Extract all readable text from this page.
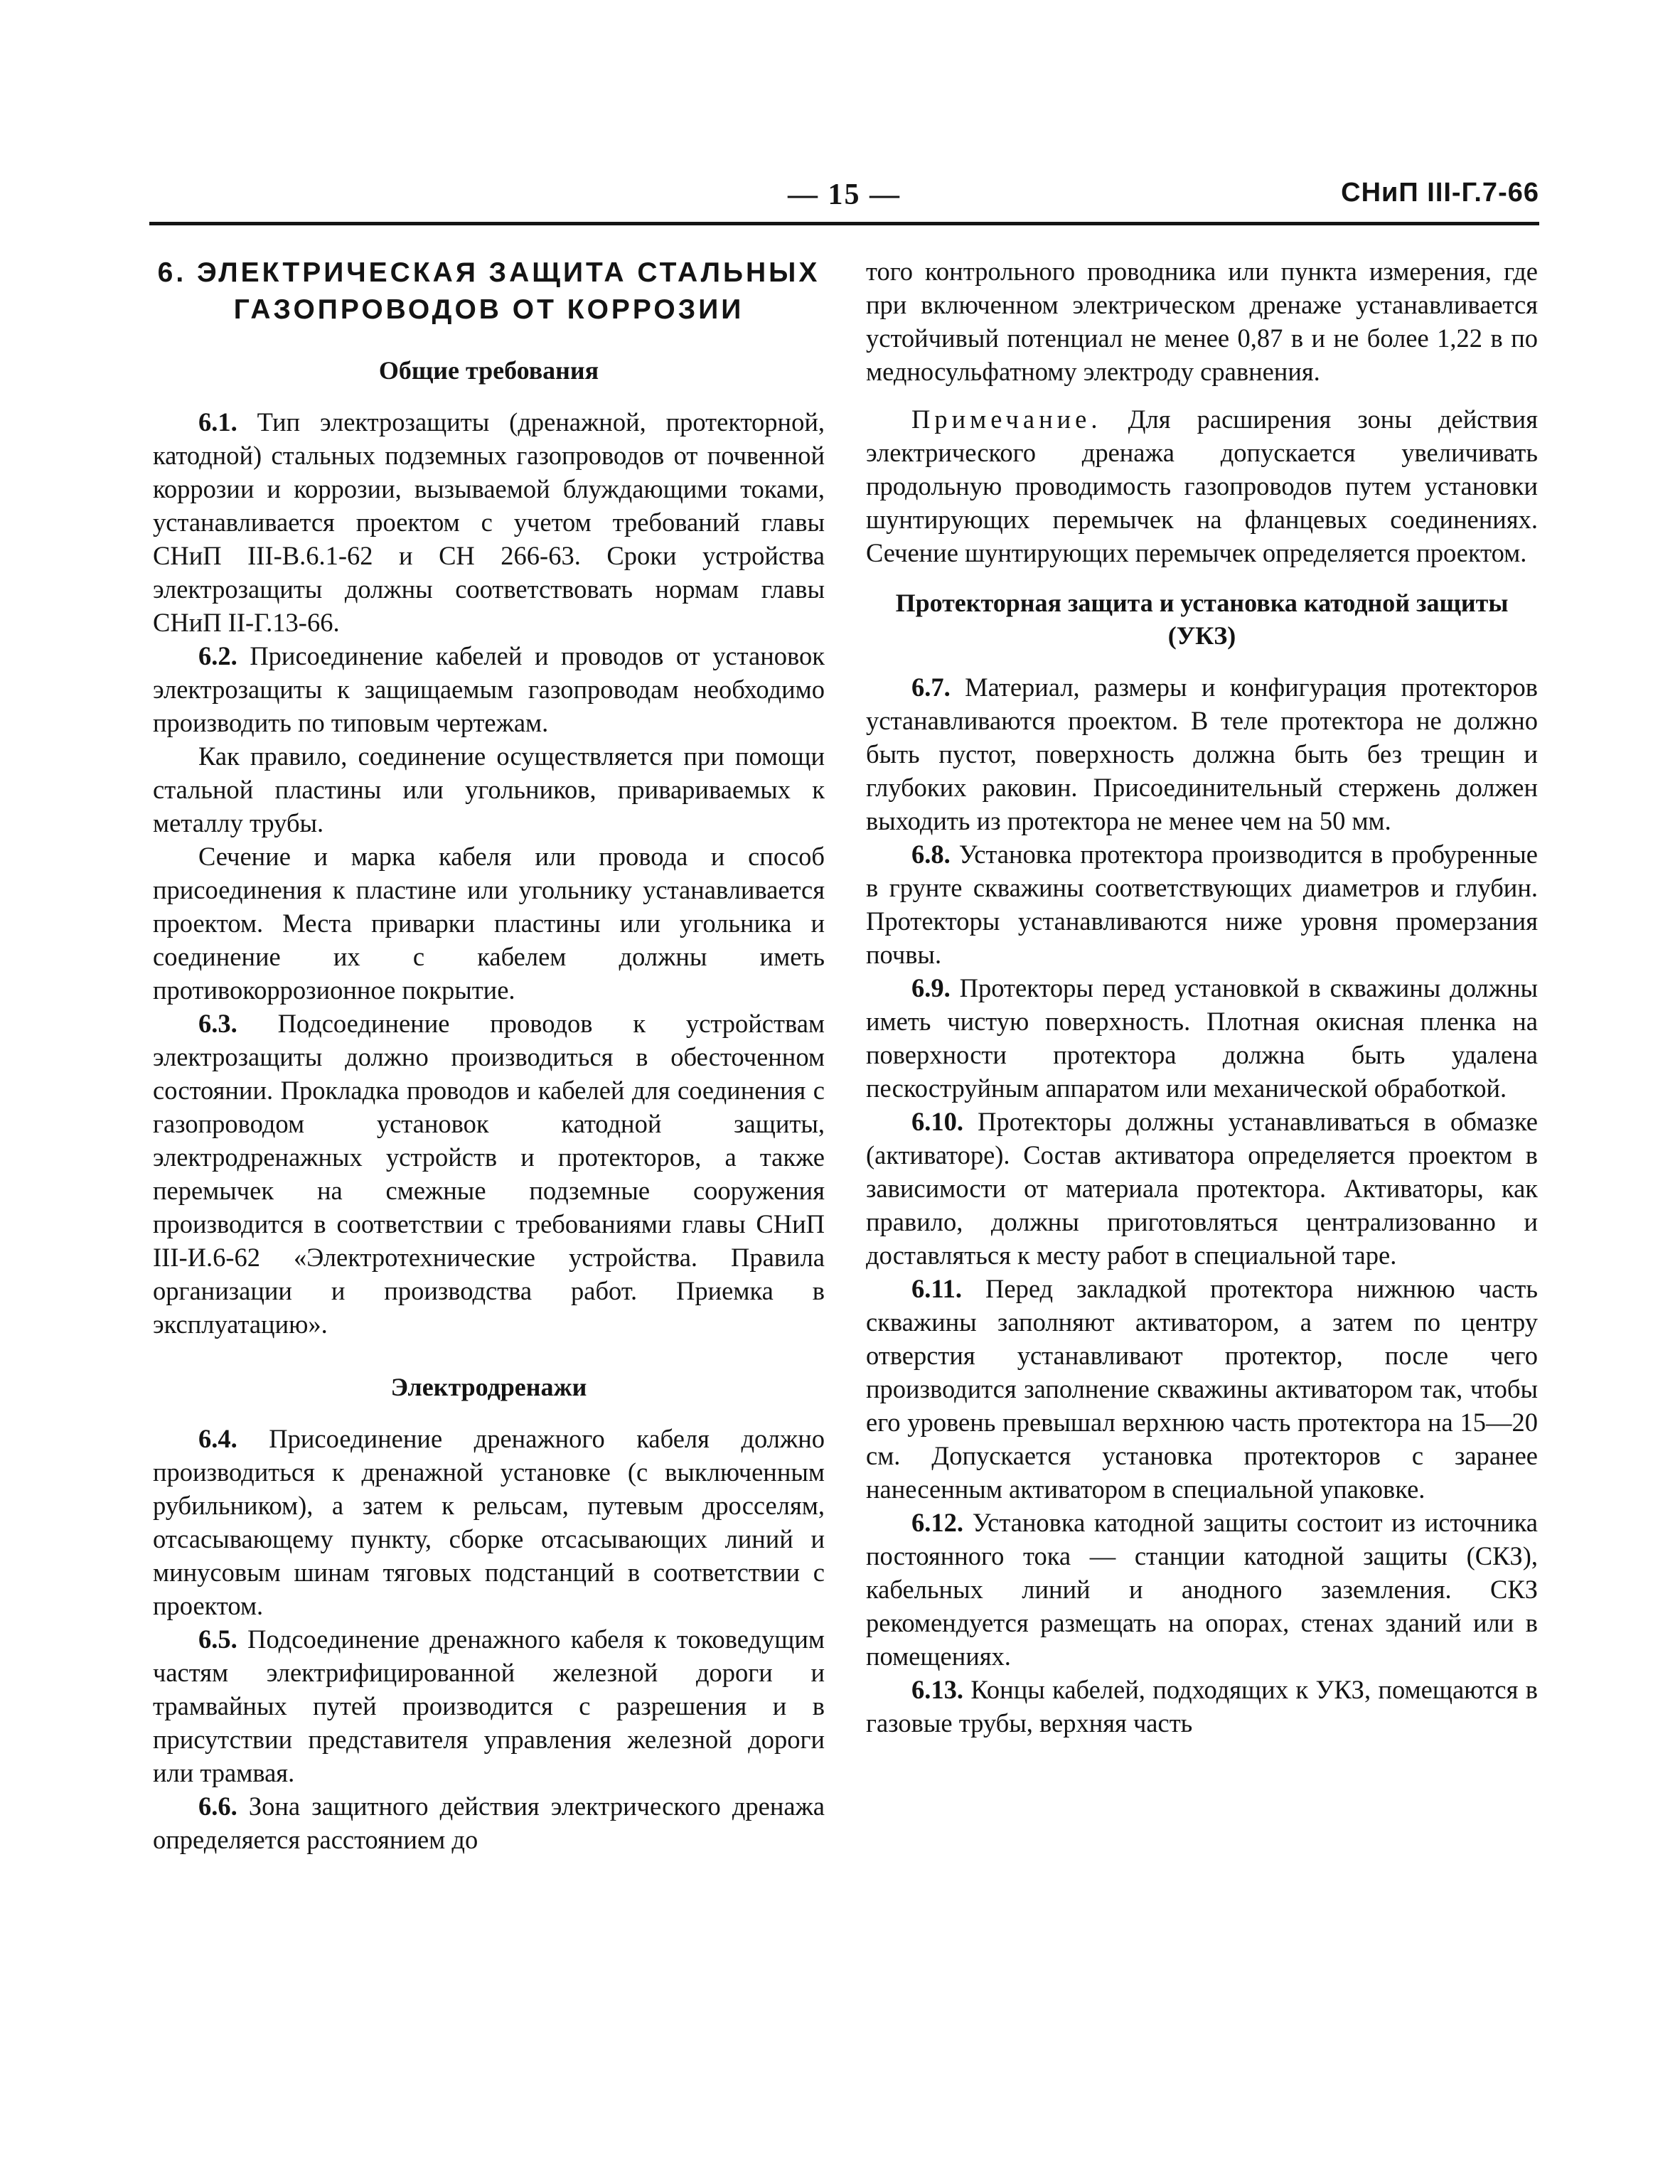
— 15 —	СНиП III-Г.7-66
6. ЭЛЕКТРИЧЕСКАЯ ЗАЩИТА СТАЛЬНЫХ
ГАЗОПРОВОДОВ ОТ КОРРОЗИИ
Общие требования

6.1. Тип электрозащиты (дренажной, протекторной, катодной) стальных подземных газопроводов от почвенной коррозии и коррозии, вызываемой блуждающими токами, устанавливается проектом с учетом требований главы СНиП III-В.6.1-62 и СН 266-63. Сроки устройства электрозащиты должны соответствовать нормам главы СНиП II-Г.13-66.

6.2. Присоединение кабелей и проводов от установок электрозащиты к защищаемым газопроводам необходимо производить по типовым чертежам.

Как правило, соединение осуществляется при помощи стальной пластины или угольников, привариваемых к металлу трубы.

Сечение и марка кабеля или провода и способ присоединения к пластине или угольнику устанавливается проектом. Места приварки пластины или угольника и соединение их с кабелем должны иметь противокоррозионное покрытие.

6.3. Подсоединение проводов к устройствам электрозащиты должно производиться в обесточенном состоянии. Прокладка проводов и кабелей для соединения с газопроводом установок катодной защиты, электродренажных устройств и протекторов, а также перемычек на смежные подземные сооружения производится в соответствии с требованиями главы СНиП III-И.6-62 «Электротехнические устройства. Правила организации и производства работ. Приемка в эксплуатацию».

Электродренажи

6.4. Присоединение дренажного кабеля должно производиться к дренажной установке (с выключенным рубильником), а затем к рельсам, путевым дросселям, отсасывающему пункту, сборке отсасывающих линий и минусовым шинам тяговых подстанций в соответствии с проектом.

6.5. Подсоединение дренажного кабеля к токоведущим частям электрифицированной железной дороги и трамвайных путей производится с разрешения и в присутствии представителя управления железной дороги или трамвая.

6.6. Зона защитного действия электрического дренажа определяется расстоянием до

того контрольного проводника или пункта измерения, где при включенном электрическом дренаже устанавливается устойчивый потенциал не менее 0,87 в и не более 1,22 в по медносульфатному электроду сравнения.

Примечание. Для расширения зоны действия электрического дренажа допускается увеличивать продольную проводимость газопроводов путем установки шунтирующих перемычек на фланцевых соединениях. Сечение шунтирующих перемычек определяется проектом.

Протекторная защита и установка катодной защиты (УКЗ)

6.7. Материал, размеры и конфигурация протекторов устанавливаются проектом. В теле протектора не должно быть пустот, поверхность должна быть без трещин и глубоких раковин. Присоединительный стержень должен выходить из протектора не менее чем на 50 мм.

6.8. Установка протектора производится в пробуренные в грунте скважины соответствующих диаметров и глубин. Протекторы устанавливаются ниже уровня промерзания почвы.

6.9. Протекторы перед установкой в скважины должны иметь чистую поверхность. Плотная окисная пленка на поверхности протектора должна быть удалена пескоструйным аппаратом или механической обработкой.

6.10. Протекторы должны устанавливаться в обмазке (активаторе). Состав активатора определяется проектом в зависимости от материала протектора. Активаторы, как правило, должны приготовляться централизованно и доставляться к месту работ в специальной таре.

6.11. Перед закладкой протектора нижнюю часть скважины заполняют активатором, а затем по центру отверстия устанавливают протектор, после чего производится заполнение скважины активатором так, чтобы его уровень превышал верхнюю часть протектора на 15—20 см. Допускается установка протекторов с заранее нанесенным активатором в специальной упаковке.

6.12. Установка катодной защиты состоит из источника постоянного тока — станции катодной защиты (СКЗ), кабельных линий и анодного заземления. СКЗ рекомендуется размещать на опорах, стенах зданий или в помещениях.

6.13. Концы кабелей, подходящих к УКЗ, помещаются в газовые трубы, верхняя часть
